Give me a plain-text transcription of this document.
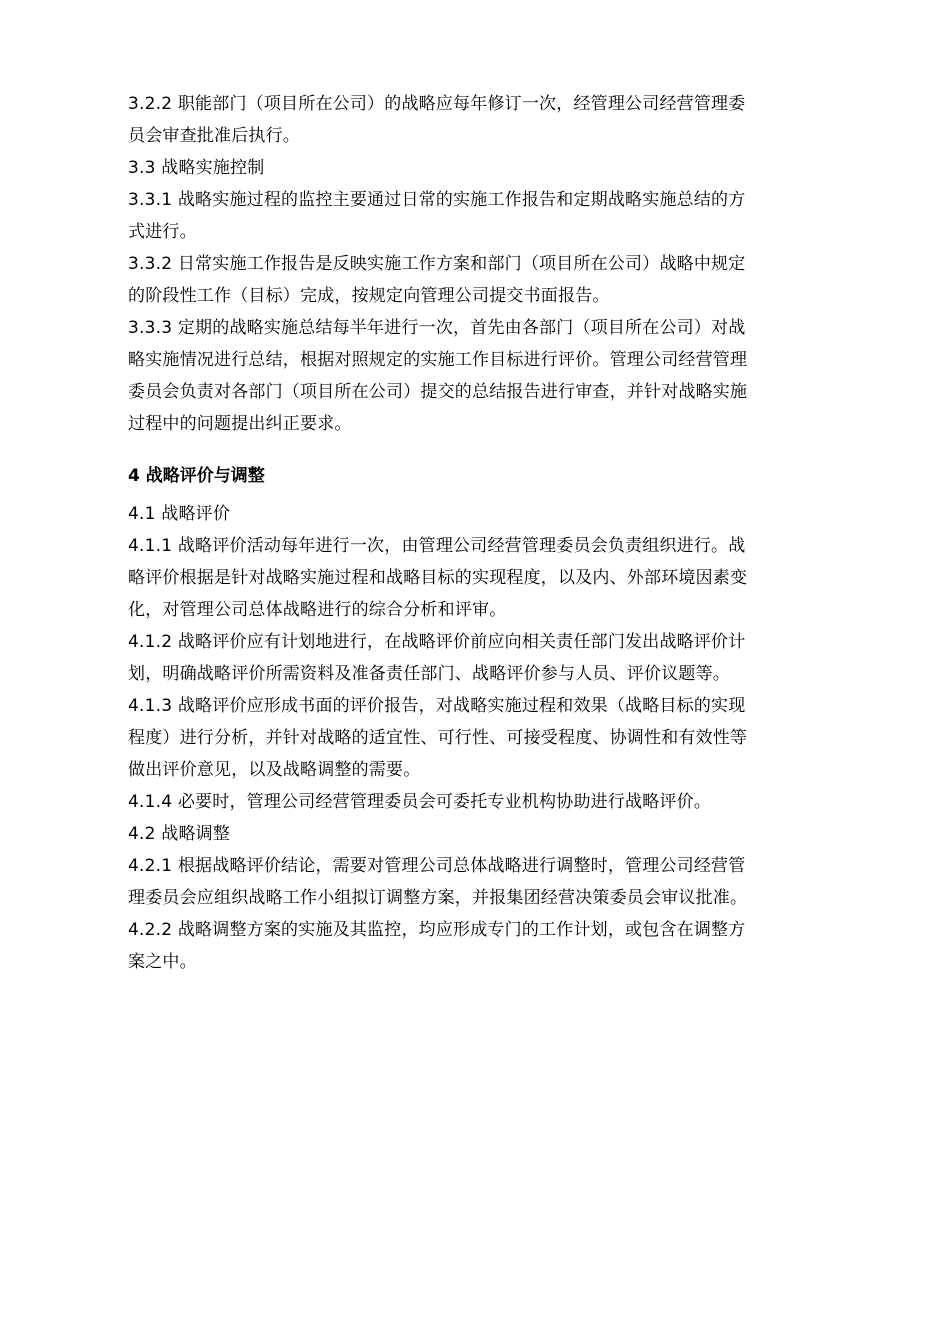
3.2.2 职能部门（项目所在公司）的战略应每年修订一次，经管理公司经营管理委
员会审查批准后执行。
3.3 战略实施控制
3.3.1 战略实施过程的监控主要通过日常的实施工作报告和定期战略实施总结的方
式进行。
3.3.2 日常实施工作报告是反映实施工作方案和部门（项目所在公司）战略中规定
的阶段性工作（目标）完成，按规定向管理公司提交书面报告。
3.3.3 定期的战略实施总结每半年进行一次，首先由各部门（项目所在公司）对战
略实施情况进行总结，根据对照规定的实施工作目标进行评价。管理公司经营管理
委员会负责对各部门（项目所在公司）提交的总结报告进行审查，并针对战略实施
过程中的问题提出纠正要求。
4 战略评价与调整
4.1 战略评价
4.1.1 战略评价活动每年进行一次，由管理公司经营管理委员会负责组织进行。战
略评价根据是针对战略实施过程和战略目标的实现程度，以及内、外部环境因素变
化，对管理公司总体战略进行的综合分析和评审。
4.1.2 战略评价应有计划地进行，在战略评价前应向相关责任部门发出战略评价计
划，明确战略评价所需资料及准备责任部门、战略评价参与人员、评价议题等。
4.1.3 战略评价应形成书面的评价报告，对战略实施过程和效果（战略目标的实现
程度）进行分析，并针对战略的适宜性、可行性、可接受程度、协调性和有效性等
做出评价意见，以及战略调整的需要。
4.1.4 必要时，管理公司经营管理委员会可委托专业机构协助进行战略评价。
4.2 战略调整
4.2.1 根据战略评价结论，需要对管理公司总体战略进行调整时，管理公司经营管
理委员会应组织战略工作小组拟订调整方案，并报集团经营决策委员会审议批准。
4.2.2 战略调整方案的实施及其监控，均应形成专门的工作计划，或包含在调整方
案之中。
